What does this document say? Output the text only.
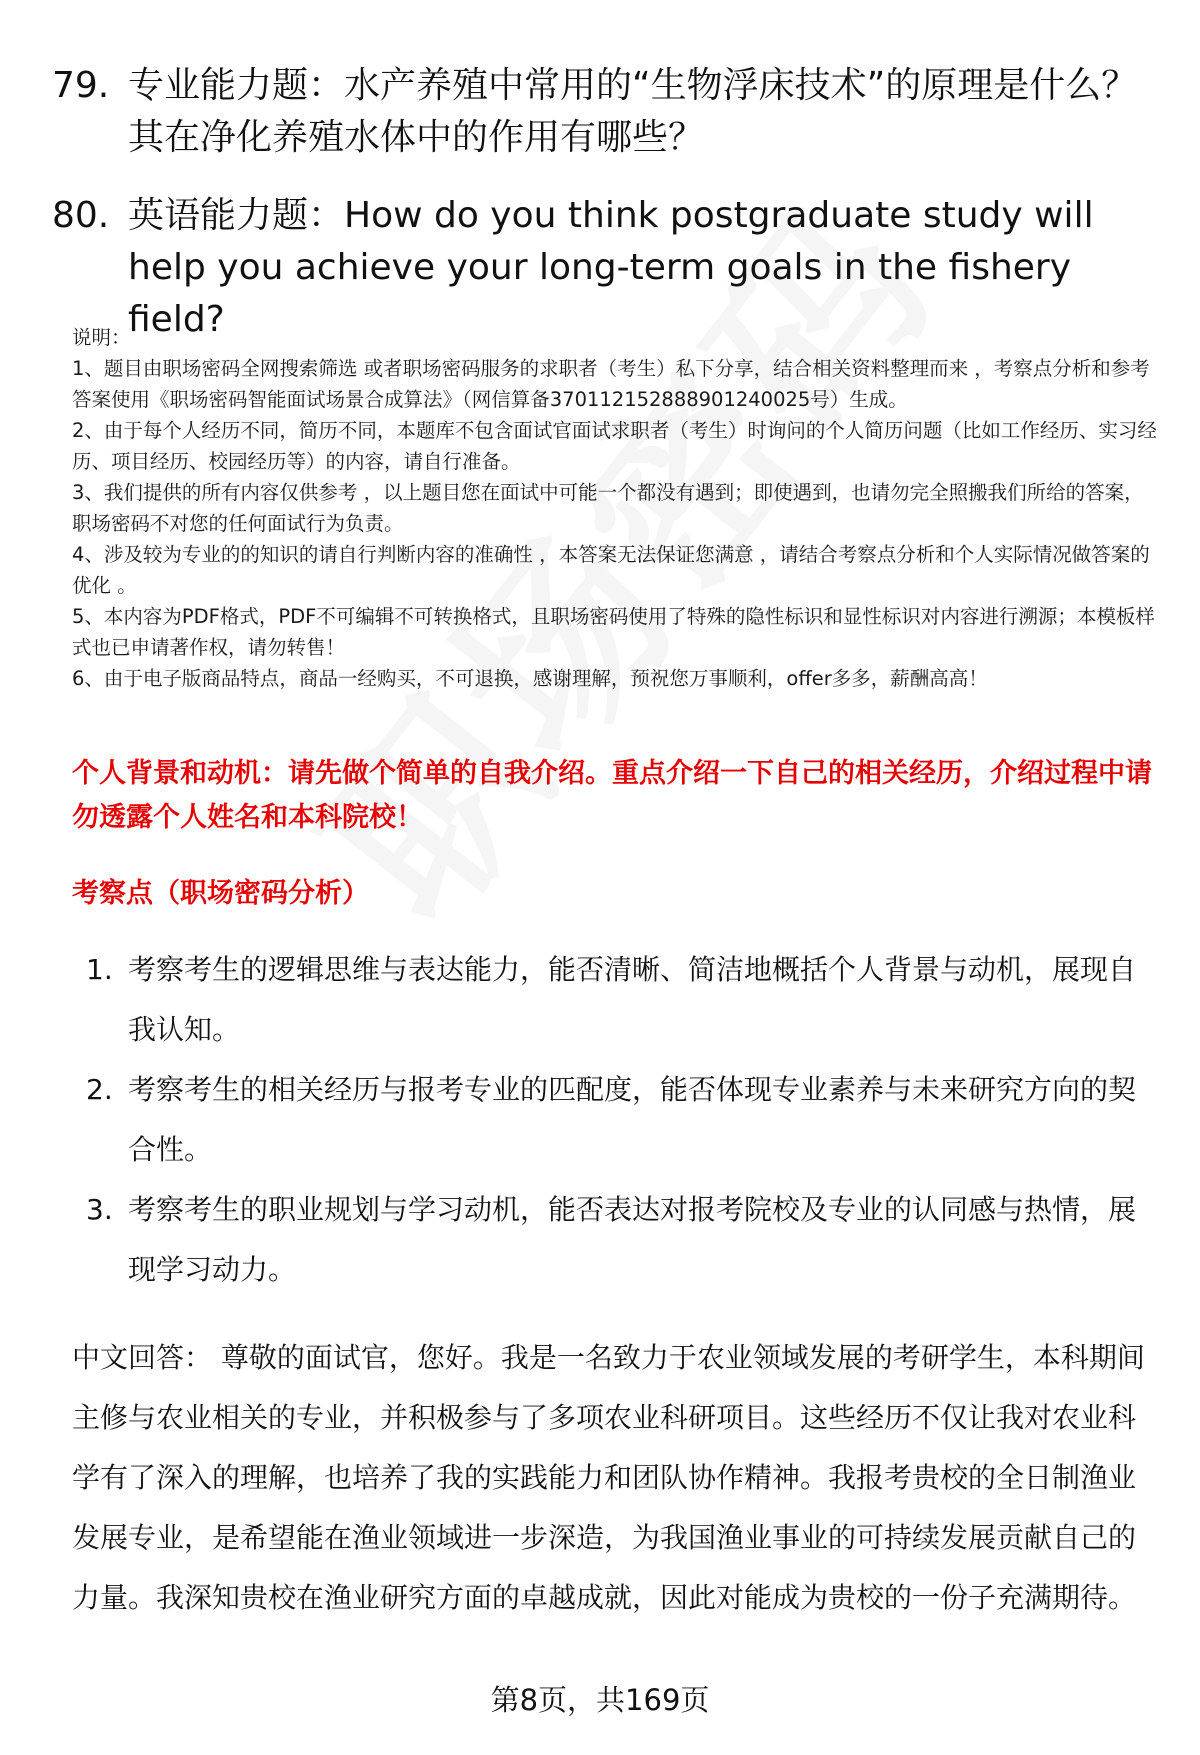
79. 专业能力题：水产养殖中常用的“生物浮床技术”的原理是什么？其在净化养殖水体中的作用有哪些？
80. 英语能力题：How do you think postgraduate study will help you achieve your long-term goals in the fishery field?
说明：
1、题目由职场密码全网搜索筛选 或者职场密码服务的求职者（考生）私下分享，结合相关资料整理而来 ，考察点分析和参考答案使用《职场密码智能面试场景合成算法》（网信算备370112152888901240025号）生成。
2、由于每个人经历不同，简历不同，本题库不包含面试官面试求职者（考生）时询问的个人简历问题（比如工作经历、实习经历、项目经历、校园经历等）的内容，请自行准备。
3、我们提供的所有内容仅供参考 ，以上题目您在面试中可能一个都没有遇到；即使遇到，也请勿完全照搬我们所给的答案，职场密码不对您的任何面试行为负责。
4、涉及较为专业的的知识的请自行判断内容的准确性 ，本答案无法保证您满意 ，请结合考察点分析和个人实际情况做答案的优化 。
5、本内容为PDF格式，PDF不可编辑不可转换格式，且职场密码使用了特殊的隐性标识和显性标识对内容进行溯源；本模板样式也已申请著作权，请勿转售！
6、由于电子版商品特点，商品一经购买，不可退换，感谢理解，预祝您万事顺利，offer多多，薪酬高高！
个人背景和动机：请先做个简单的自我介绍。重点介绍一下自己的相关经历，介绍过程中请勿透露个人姓名和本科院校！
考察点（职场密码分析）
1. 考察考生的逻辑思维与表达能力，能否清晰、简洁地概括个人背景与动机，展现自我认知。
2. 考察考生的相关经历与报考专业的匹配度，能否体现专业素养与未来研究方向的契合性。
3. 考察考生的职业规划与学习动机，能否表达对报考院校及专业的认同感与热情，展现学习动力。
中文回答： 尊敬的面试官，您好。我是一名致力于农业领域发展的考研学生，本科期间主修与农业相关的专业，并积极参与了多项农业科研项目。这些经历不仅让我对农业科学有了深入的理解，也培养了我的实践能力和团队协作精神。我报考贵校的全日制渔业发展专业，是希望能在渔业领域进一步深造，为我国渔业事业的可持续发展贡献自己的力量。我深知贵校在渔业研究方面的卓越成就，因此对能成为贵校的一份子充满期待。
第8页，共169页
